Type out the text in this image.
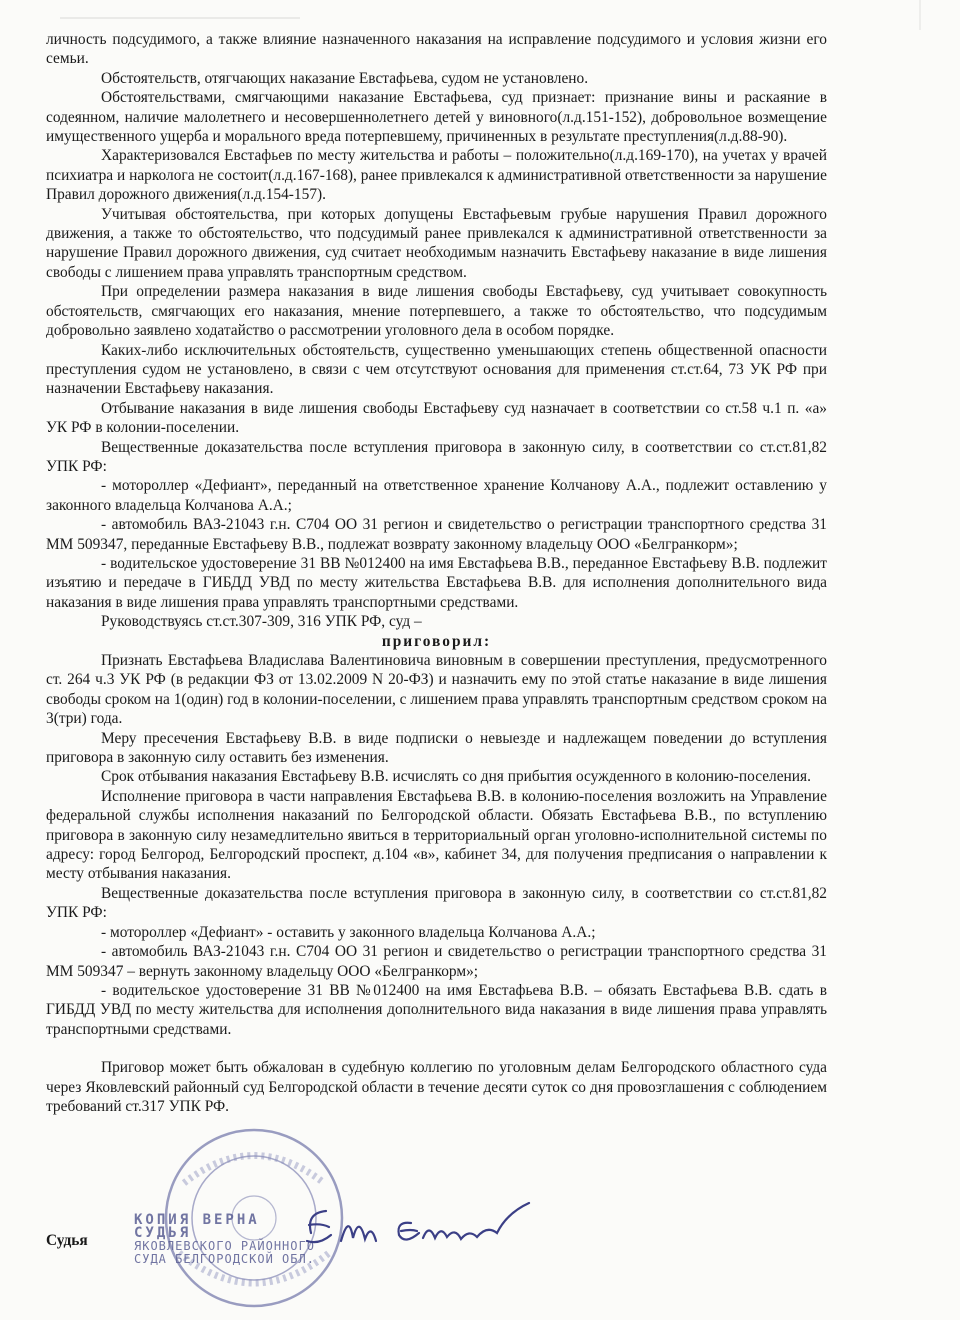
личность подсудимого, а также влияние назначенного наказания на исправление подсудимого и условия жизни его семьи.

Обстоятельств, отягчающих наказание Евстафьева, судом не установлено.

Обстоятельствами, смягчающими наказание Евстафьева, суд признает: признание вины и раскаяние в содеянном, наличие малолетнего и несовершеннолетнего детей у виновного(л.д.151-152), добровольное возмещение имущественного ущерба и морального вреда потерпевшему, причиненных в результате преступления(л.д.88-90).

Характеризовался Евстафьев по месту жительства и работы – положительно(л.д.169-170), на учетах у врачей психиатра и нарколога не состоит(л.д.167-168), ранее привлекался к административной ответственности за нарушение Правил дорожного движения(л.д.154-157).

Учитывая обстоятельства, при которых допущены Евстафьевым грубые нарушения Правил дорожного движения, а также то обстоятельство, что подсудимый ранее привлекался к административной ответственности за нарушение Правил дорожного движения, суд считает необходимым назначить Евстафьеву наказание в виде лишения свободы с лишением права управлять транспортным средством.

При определении размера наказания в виде лишения свободы Евстафьеву, суд учитывает совокупность обстоятельств, смягчающих его наказания, мнение потерпевшего, а также то обстоятельство, что подсудимым добровольно заявлено ходатайство о рассмотрении уголовного дела в особом порядке.

Каких-либо исключительных обстоятельств, существенно уменьшающих степень общественной опасности преступления судом не установлено, в связи с чем отсутствуют основания для применения ст.ст.64, 73 УК РФ при назначении Евстафьеву наказания.

Отбывание наказания в виде лишения свободы Евстафьеву суд назначает в соответствии со ст.58 ч.1 п. «а» УК РФ в колонии-поселении.

Вещественные доказательства после вступления приговора в законную силу, в соответствии со ст.ст.81,82 УПК РФ:

- мотороллер «Дефиант», переданный на ответственное хранение Колчанову А.А., подлежит оставлению у законного владельца Колчанова А.А.;

- автомобиль ВАЗ-21043 г.н. С704 ОО 31 регион и свидетельство о регистрации транспортного средства 31 ММ 509347, переданные Евстафьеву В.В., подлежат возврату законному владельцу ООО «Белгранкорм»;

- водительское удостоверение 31 ВВ №012400 на имя Евстафьева В.В., переданное Евстафьеву В.В. подлежит изъятию и передаче в ГИБДД УВД по месту жительства Евстафьева В.В. для исполнения дополнительного вида наказания в виде лишения права управлять транспортными средствами.

Руководствуясь ст.ст.307-309, 316 УПК РФ, суд –

приговорил:

Признать Евстафьева Владислава Валентиновича виновным в совершении преступления, предусмотренного ст. 264 ч.3 УК РФ (в редакции ФЗ от 13.02.2009 N 20-ФЗ) и назначить ему по этой статье наказание в виде лишения свободы сроком на 1(один) год в колонии-поселении, с лишением права управлять транспортным средством сроком на 3(три) года.

Меру пресечения Евстафьеву В.В. в виде подписки о невыезде и надлежащем поведении до вступления приговора в законную силу оставить без изменения.

Срок отбывания наказания Евстафьеву В.В. исчислять со дня прибытия осужденного в колонию-поселения.

Исполнение приговора в части направления Евстафьева В.В. в колонию-поселения возложить на Управление федеральной службы исполнения наказаний по Белгородской области. Обязать Евстафьева В.В., по вступлению приговора в законную силу незамедлительно явиться в территориальный орган уголовно-исполнительной системы по адресу: город Белгород, Белгородский проспект, д.104 «в», кабинет 34, для получения предписания о направлении к месту отбывания наказания.

Вещественные доказательства после вступления приговора в законную силу, в соответствии со ст.ст.81,82 УПК РФ:

- мотороллер «Дефиант» - оставить у законного владельца Колчанова А.А.;

- автомобиль ВАЗ-21043 г.н. С704 ОО 31 регион и свидетельство о регистрации транспортного средства 31 ММ 509347 – вернуть законному владельцу ООО «Белгранкорм»;

- водительское удостоверение 31 ВВ №012400 на имя Евстафьева В.В. – обязать Евстафьева В.В. сдать в ГИБДД УВД по месту жительства для исполнения дополнительного вида наказания в виде лишения права управлять транспортными средствами.

Приговор может быть обжалован в судебную коллегию по уголовным делам Белгородского областного суда через Яковлевский районный суд Белгородской области в течение десяти суток со дня провозглашения с соблюдением требований ст.317 УПК РФ.

Судья
КОПИЯ ВЕРНА
СУДЬЯ
ЯКОВЛЕВСКОГО РАЙОННОГО
СУДА БЕЛГОРОДСКОЙ ОБЛ.
